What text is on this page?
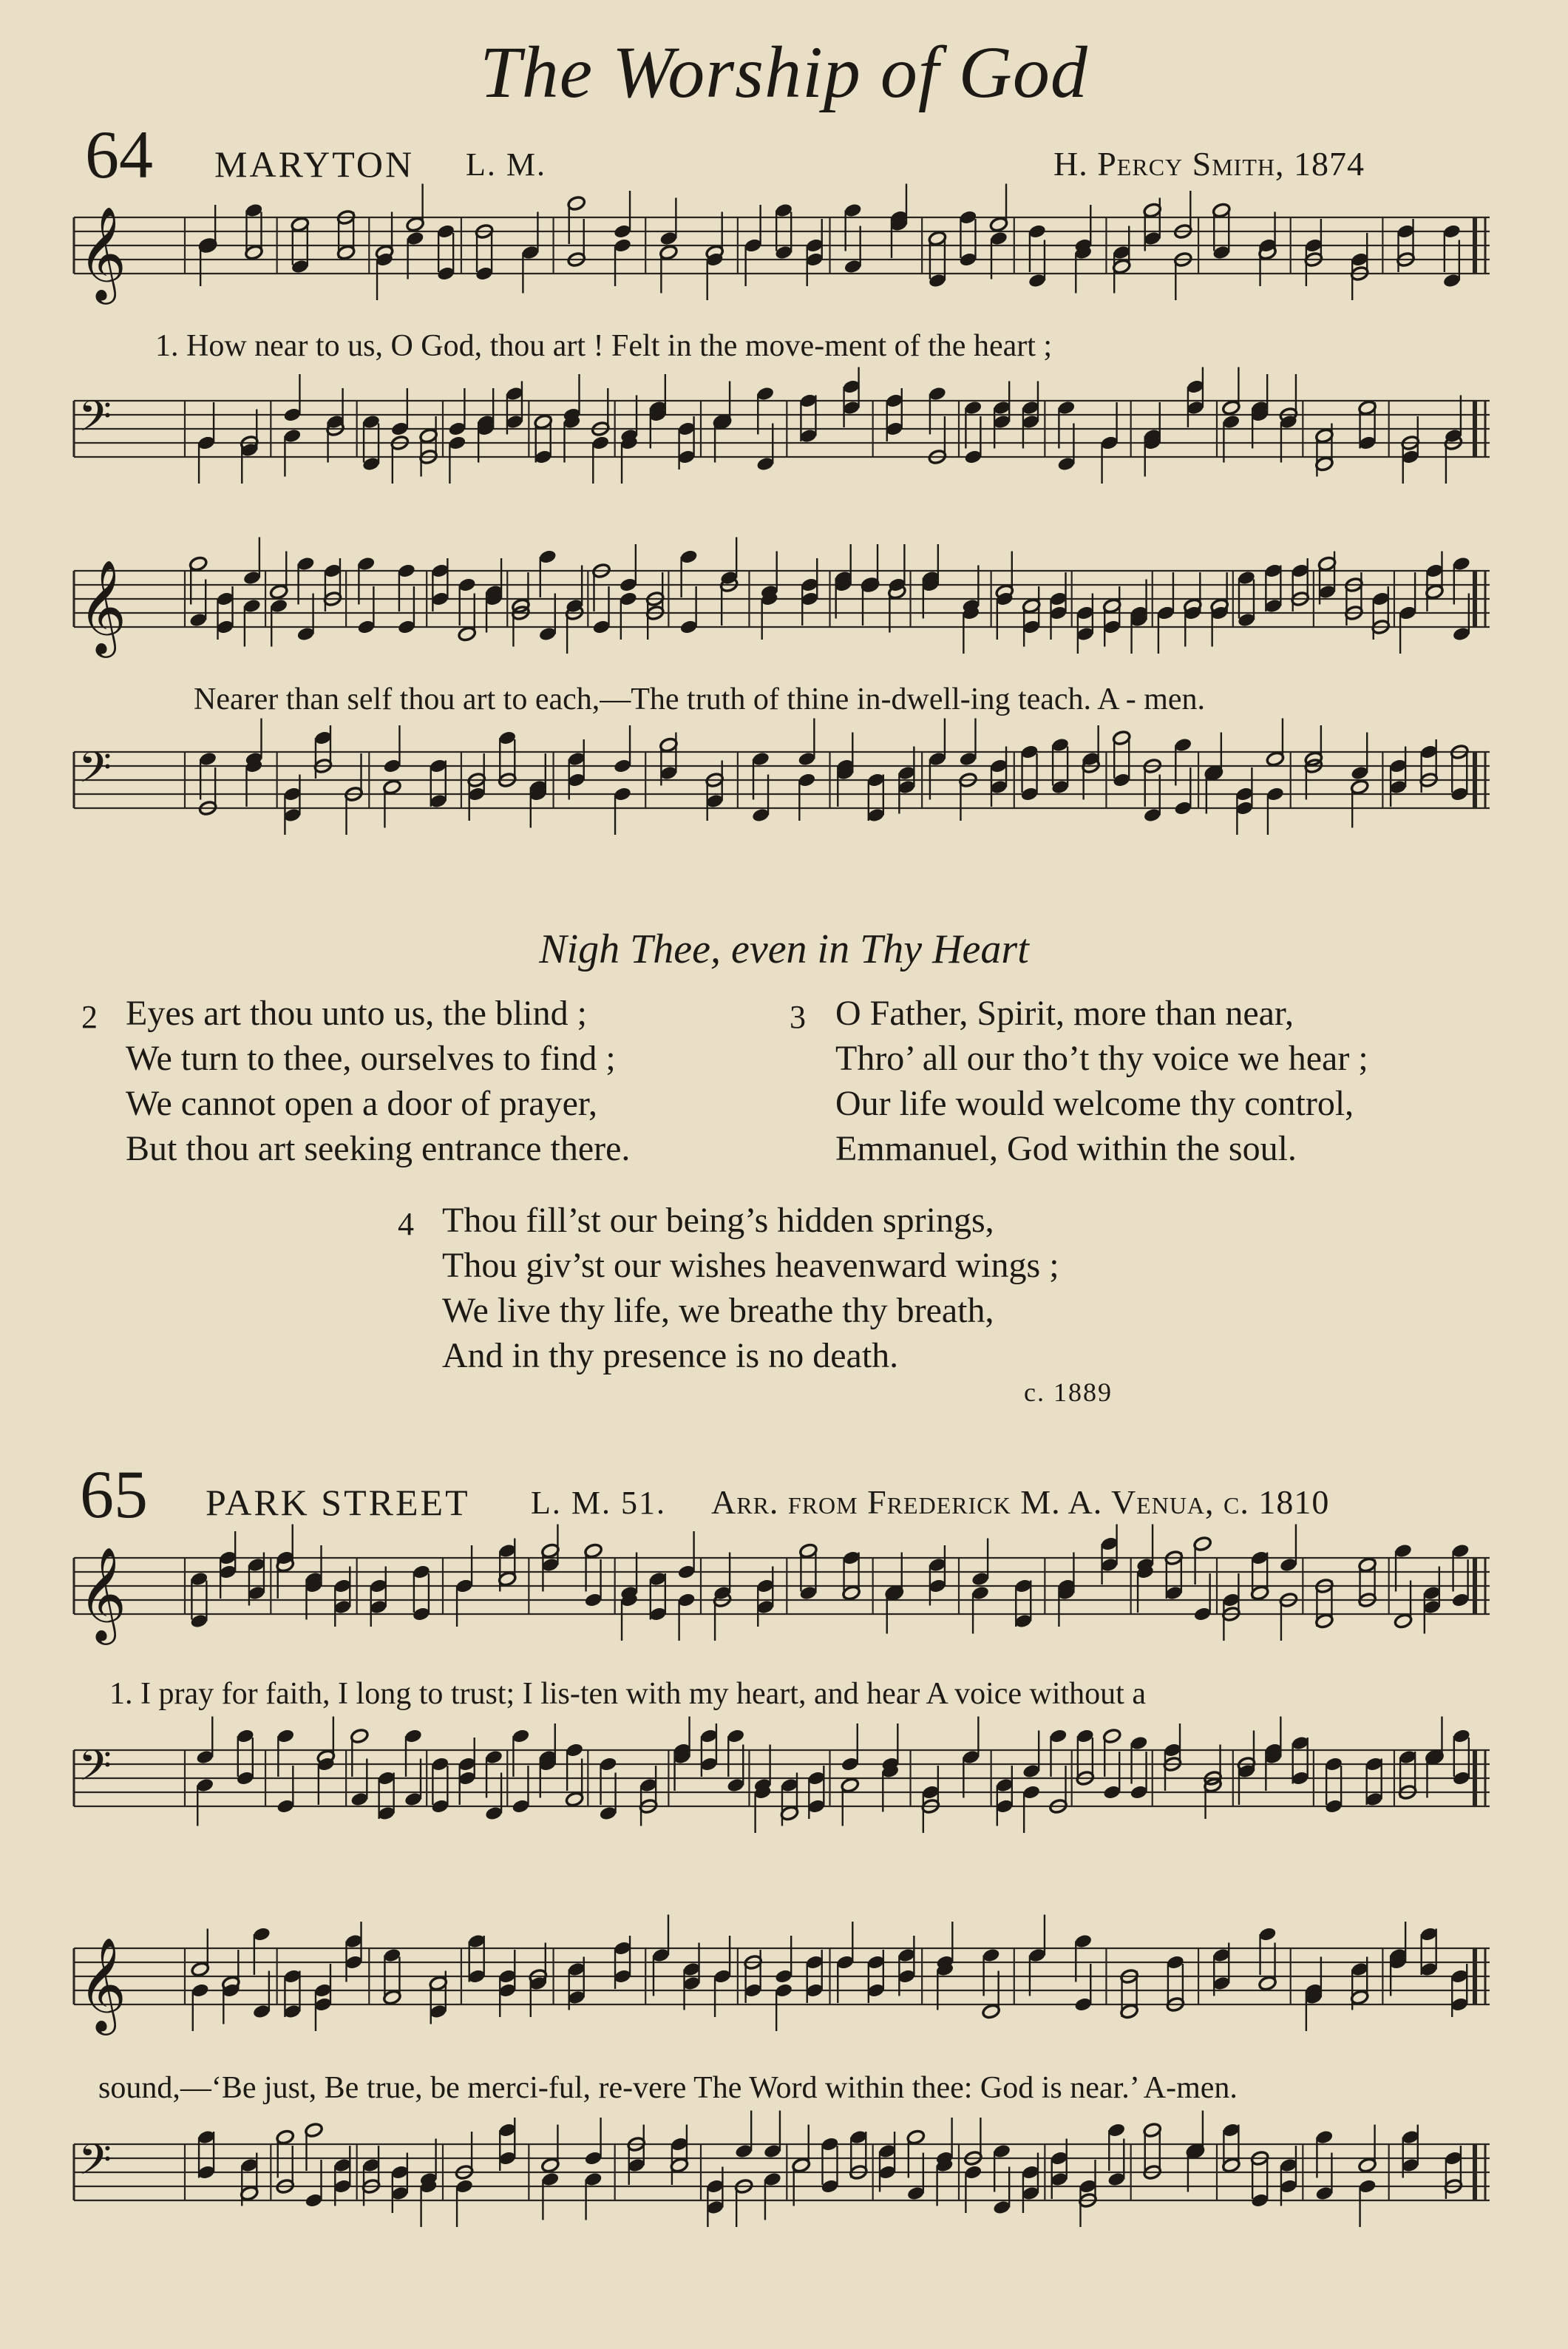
The Worship of God
64 MARYTON L. M.	H. Percy Smith, 1874
𝄞
1. How near to us, O God, thou art ! Felt in the move-ment of the heart ;
𝄢
𝄞
Nearer than self thou art to each,—The truth of thine in-dwell-ing teach. A - men.
𝄢
Nigh Thee, even in Thy Heart
2 Eyes art thou unto us, the blind ;
We turn to thee, ourselves to find ;
We cannot open a door of prayer,
But thou art seeking entrance there.
3 O Father, Spirit, more than near,
Thro’ all our tho’t thy voice we hear ;
Our life would welcome thy control,
Emmanuel, God within the soul.
4 Thou fill’st our being’s hidden springs,
Thou giv’st our wishes heavenward wings ;
We live thy life, we breathe thy breath,
And in thy presence is no death.
c. 1889
65 PARK STREET L. M. 51. Arr. from Frederick M. A. Venua, c. 1810
𝄞
1. I pray for faith, I long to trust; I lis-ten with my heart, and hear A voice without a
𝄢
𝄞
sound,—‘Be just, Be true, be merci-ful, re-vere The Word within thee: God is near.’ A-men.
𝄢
